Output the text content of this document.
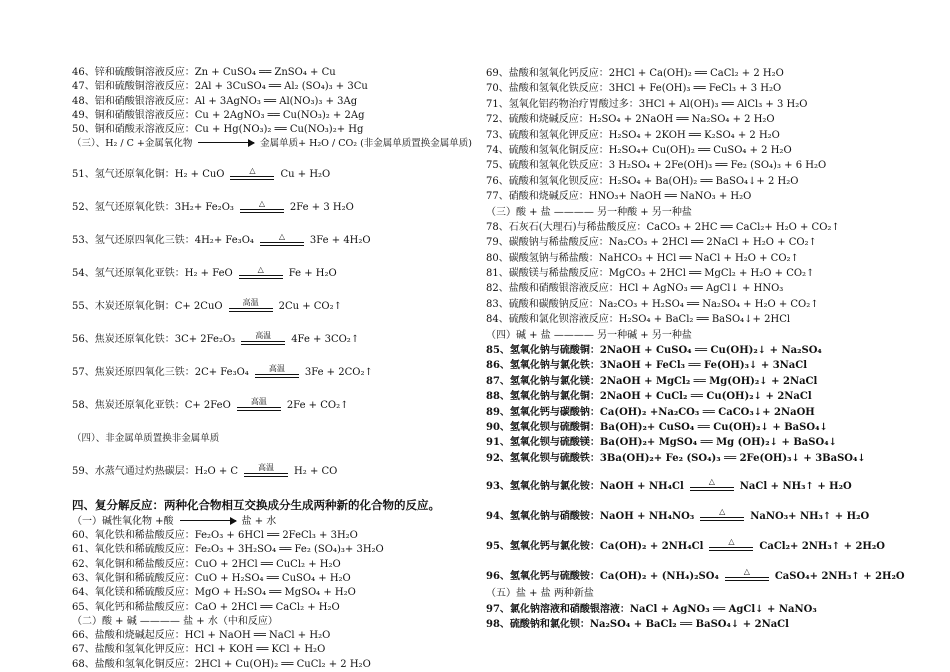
46、锌和硫酸铜溶液反应：Zn + CuSO₄ ══ ZnSO₄ + Cu
47、铝和硫酸铜溶液反应：2Al + 3CuSO₄ ══ Al₂ (SO₄)₃ + 3Cu
48、铝和硝酸银溶液反应：Al + 3AgNO₃ ══ Al(NO₃)₃ + 3Ag
49、铜和硝酸银溶液反应：Cu + 2AgNO₃ ══ Cu(NO₃)₂ + 2Ag
50、铜和硝酸汞溶液反应：Cu + Hg(NO₃)₂ ══ Cu(NO₃)₂+ Hg
（三）、H₂ / C +金属氧化物	金属单质+ H₂O / CO₂ (非金属单质置换金属单质)
51、氢气还原氧化铜：H₂ + CuO	△ Cu + H₂O
52、氢气还原氧化铁：3H₂+ Fe₂O₃	△ 2Fe + 3 H₂O
53、氢气还原四氧化三铁：4H₂+ Fe₃O₄	△ 3Fe + 4H₂O
54、氢气还原氧化亚铁：H₂ + FeO	△ Fe + H₂O
55、木炭还原氧化铜：C+ 2CuO	高温 2Cu + CO₂↑
56、焦炭还原氧化铁：3C+ 2Fe₂O₃	高温 4Fe + 3CO₂↑
57、焦炭还原四氧化三铁：2C+ Fe₃O₄	高温 3Fe + 2CO₂↑
58、焦炭还原氧化亚铁：C+ 2FeO	高温 2Fe + CO₂↑
（四）、非金属单质置换非金属单质
59、水蒸气通过灼热碳层：H₂O + C	高温 H₂ + CO
四、复分解反应：两种化合物相互交换成分生成两种新的化合物的反应。
（一）碱性氧化物 +酸	盐 + 水
60、氧化铁和稀盐酸反应：Fe₂O₃ + 6HCl ══ 2FeCl₃ + 3H₂O
61、氧化铁和稀硫酸反应：Fe₂O₃ + 3H₂SO₄ ══ Fe₂ (SO₄)₃+ 3H₂O
62、氧化铜和稀盐酸反应：CuO + 2HCl ══ CuCl₂ + H₂O
63、氧化铜和稀硫酸反应：CuO + H₂SO₄ ══ CuSO₄ + H₂O
64、氧化镁和稀硫酸反应：MgO + H₂SO₄ ══ MgSO₄ + H₂O
65、氧化钙和稀盐酸反应：CaO + 2HCl ══ CaCl₂ + H₂O
（二）酸 + 碱 ———— 盐 + 水（中和反应）
66、盐酸和烧碱起反应：HCl + NaOH ══ NaCl + H₂O
67、盐酸和氢氧化钾反应：HCl + KOH ══ KCl + H₂O
68、盐酸和氢氧化铜反应：2HCl + Cu(OH)₂ ══ CuCl₂ + 2 H₂O
69、盐酸和氢氧化钙反应：2HCl + Ca(OH)₂ ══ CaCl₂ + 2 H₂O
70、盐酸和氢氧化铁反应：3HCl + Fe(OH)₃ ══ FeCl₃ + 3 H₂O
71、氢氧化铝药物治疗胃酸过多：3HCl + Al(OH)₃ ══ AlCl₃ + 3 H₂O
72、硫酸和烧碱反应：H₂SO₄ + 2NaOH ══ Na₂SO₄ + 2 H₂O
73、硫酸和氢氧化钾反应：H₂SO₄ + 2KOH ══ K₂SO₄ + 2 H₂O
74、硫酸和氢氧化铜反应：H₂SO₄+ Cu(OH)₂ ══ CuSO₄ + 2 H₂O
75、硫酸和氢氧化铁反应：3 H₂SO₄ + 2Fe(OH)₃ ══ Fe₂ (SO₄)₃ + 6 H₂O
76、硫酸和氢氧化钡反应：H₂SO₄ + Ba(OH)₂ ══ BaSO₄↓+ 2 H₂O
77、硝酸和烧碱反应：HNO₃+ NaOH ══ NaNO₃ + H₂O
（三）酸 + 盐 ———— 另一种酸 + 另一种盐
78、石灰石(大理石)与稀盐酸反应：CaCO₃ + 2HC ══ CaCl₂+ H₂O + CO₂↑
79、碳酸钠与稀盐酸反应：Na₂CO₃ + 2HCl ══ 2NaCl + H₂O + CO₂↑
80、碳酸氢钠与稀盐酸：NaHCO₃ + HCl ══ NaCl + H₂O + CO₂↑
81、碳酸镁与稀盐酸反应：MgCO₃ + 2HCl ══ MgCl₂ + H₂O + CO₂↑
82、盐酸和硝酸银溶液反应：HCl + AgNO₃ ══ AgCl↓ + HNO₃
83、硫酸和碳酸钠反应：Na₂CO₃ + H₂SO₄ ══ Na₂SO₄ + H₂O + CO₂↑
84、硫酸和氯化钡溶液反应：H₂SO₄ + BaCl₂ ══ BaSO₄↓+ 2HCl
（四）碱 + 盐 ———— 另一种碱 + 另一种盐
85、氢氧化钠与硫酸铜：2NaOH + CuSO₄ ══ Cu(OH)₂↓ + Na₂SO₄
86、氢氧化钠与氯化铁：3NaOH + FeCl₃ ══ Fe(OH)₃↓ + 3NaCl
87、氢氧化钠与氯化镁：2NaOH + MgCl₂ ══ Mg(OH)₂↓ + 2NaCl
88、氢氧化钠与氯化铜：2NaOH + CuCl₂ ══ Cu(OH)₂↓ + 2NaCl
89、氢氧化钙与碳酸钠：Ca(OH)₂ +Na₂CO₃ ══ CaCO₃↓+ 2NaOH
90、氢氧化钡与硫酸铜：Ba(OH)₂+ CuSO₄ ══ Cu(OH)₂↓ + BaSO₄↓
91、氢氧化钡与硫酸镁：Ba(OH)₂+ MgSO₄ ══ Mg (OH)₂↓ + BaSO₄↓
92、氢氧化钡与硫酸铁：3Ba(OH)₂+ Fe₂ (SO₄)₃ ══ 2Fe(OH)₃↓ + 3BaSO₄↓
93、氢氧化钠与氯化铵：NaOH + NH₄Cl	△ NaCl + NH₃↑ + H₂O
94、氢氧化钠与硝酸铵：NaOH + NH₄NO₃	△ NaNO₃+ NH₃↑ + H₂O
95、氢氧化钙与氯化铵：Ca(OH)₂ + 2NH₄Cl	△ CaCl₂+ 2NH₃↑ + 2H₂O
96、氢氧化钙与硫酸铵：Ca(OH)₂ + (NH₄)₂SO₄	△ CaSO₄+ 2NH₃↑ + 2H₂O
（五）盐 + 盐 两种新盐
97、氯化钠溶液和硝酸银溶液：NaCl + AgNO₃ ══ AgCl↓ + NaNO₃
98、硫酸钠和氯化钡：Na₂SO₄ + BaCl₂ ══ BaSO₄↓ + 2NaCl
